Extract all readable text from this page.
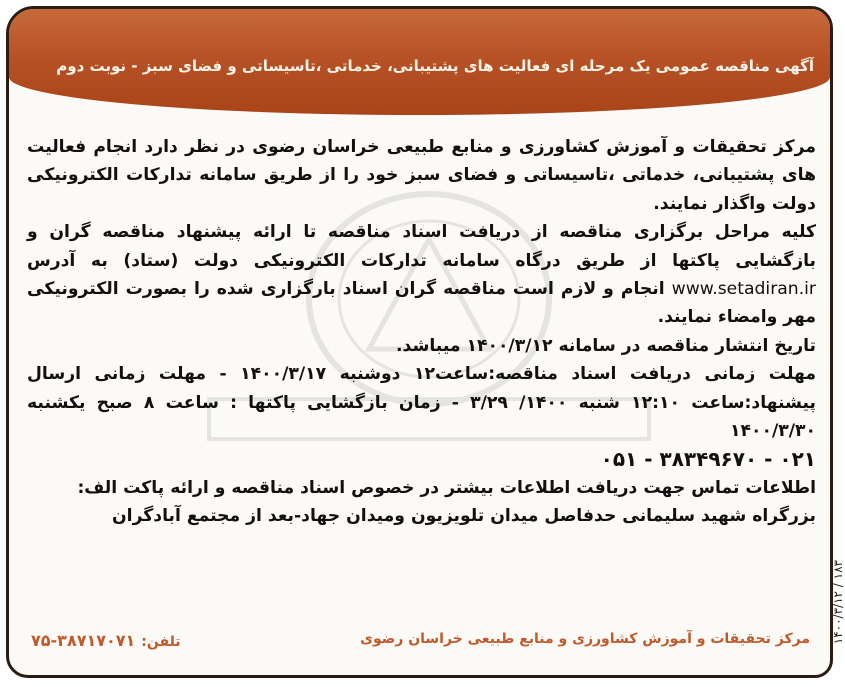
آگهی مناقصه عمومی یک مرحله ای فعالیت های پشتیبانی، خدماتی ،تاسیساتی و فضای سبز - نوبت دوم

مرکز تحقیقات و آموزش کشاورزی و منابع طبیعی خراسان رضوی در نظر دارد انجام فعالیت های پشتیبانی، خدماتی ،تاسیساتی و فضای سبز خود را از طریق سامانه تدارکات الکترونیکی دولت واگذار نمایند.

کلیه مراحل برگزاری مناقصه از دریافت اسناد مناقصه تا ارائه پیشنهاد مناقصه گران و بازگشایی پاکتها از طریق درگاه سامانه تدارکات الکترونیکی دولت (ستاد) به آدرس www.setadiran.ir انجام و لازم است مناقصه گران اسناد بارگزاری شده را بصورت الکترونیکی مهر وامضاء نمایند.

تاریخ انتشار مناقصه در سامانه ۱۴۰۰/۳/۱۲ میباشد.

مهلت زمانی دریافت اسناد مناقصه:ساعت۱۲ دوشنبه ۱۴۰۰/۳/۱۷ - مهلت زمانی ارسال پیشنهاد:ساعت ۱۲:۱۰ شنبه ۱۴۰۰/ ۳/۲۹ - زمان بازگشایی پاکتها : ساعت ۸ صبح یکشنبه ۱۴۰۰/۳/۳۰

۰۵۱ - ۳۸۳۴۹۶۷۰ - ۰۲۱

اطلاعات تماس جهت دریافت اطلاعات بیشتر در خصوص اسناد مناقصه و ارائه پاکت الف:

بزرگراه شهید سلیمانی حدفاصل میدان تلویزیون ومیدان جهاد-بعد از مجتمع آبادگران

مرکز تحقیقات و آموزش کشاورزی و منابع طبیعی خراسان رضوی
تلفن:۳۸۷۱۷۰۷۱-۷۵	۱۴۰۰/۳/۱۲ / ۱۸۳
